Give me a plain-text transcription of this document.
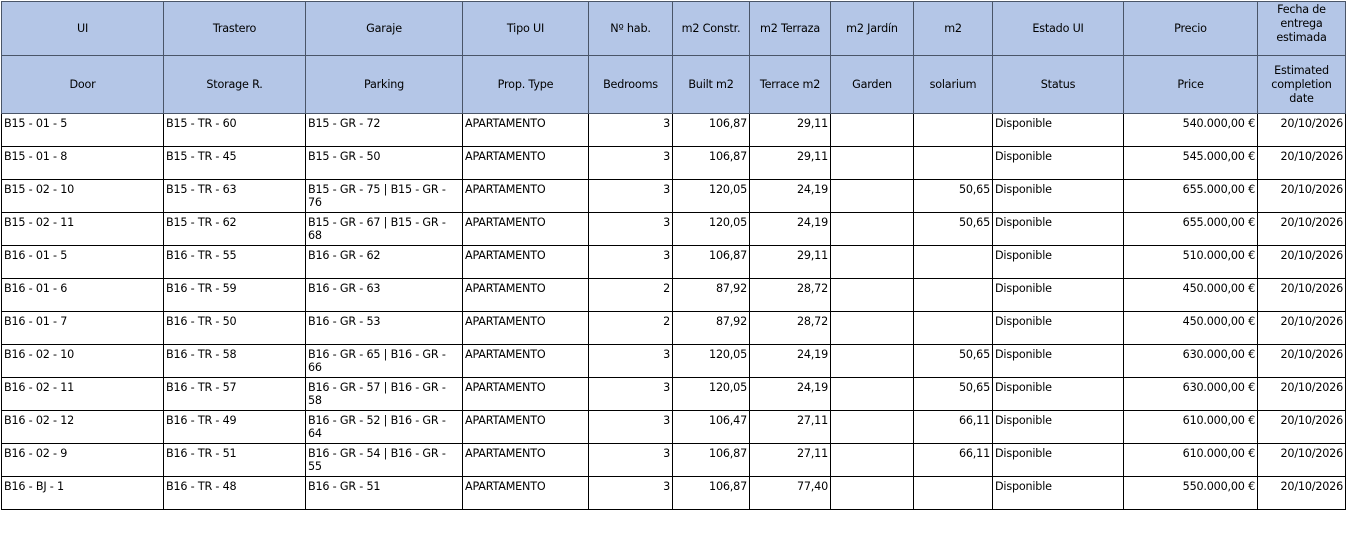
UI	Trastero	Garaje	Tipo UI	Nº hab.	m2 Constr.	m2 Terraza	m2 Jardín	m2	Estado UI	Precio	Fecha de entrega estimada
Door	Storage R.	Parking	Prop. Type	Bedrooms	Built m2	Terrace m2	Garden	solarium	Status	Price	Estimated completion date
B15 - 01 - 5	B15 - TR - 60	B15 - GR - 72	APARTAMENTO	3	106,87	29,11			Disponible	540.000,00 €	20/10/2026
B15 - 01 - 8	B15 - TR - 45	B15 - GR - 50	APARTAMENTO	3	106,87	29,11			Disponible	545.000,00 €	20/10/2026
B15 - 02 - 10	B15 - TR - 63	B15 - GR - 75 | B15 - GR - 76	APARTAMENTO	3	120,05	24,19		50,65	Disponible	655.000,00 €	20/10/2026
B15 - 02 - 11	B15 - TR - 62	B15 - GR - 67 | B15 - GR - 68	APARTAMENTO	3	120,05	24,19		50,65	Disponible	655.000,00 €	20/10/2026
B16 - 01 - 5	B16 - TR - 55	B16 - GR - 62	APARTAMENTO	3	106,87	29,11			Disponible	510.000,00 €	20/10/2026
B16 - 01 - 6	B16 - TR - 59	B16 - GR - 63	APARTAMENTO	2	87,92	28,72			Disponible	450.000,00 €	20/10/2026
B16 - 01 - 7	B16 - TR - 50	B16 - GR - 53	APARTAMENTO	2	87,92	28,72			Disponible	450.000,00 €	20/10/2026
B16 - 02 - 10	B16 - TR - 58	B16 - GR - 65 | B16 - GR - 66	APARTAMENTO	3	120,05	24,19		50,65	Disponible	630.000,00 €	20/10/2026
B16 - 02 - 11	B16 - TR - 57	B16 - GR - 57 | B16 - GR - 58	APARTAMENTO	3	120,05	24,19		50,65	Disponible	630.000,00 €	20/10/2026
B16 - 02 - 12	B16 - TR - 49	B16 - GR - 52 | B16 - GR - 64	APARTAMENTO	3	106,47	27,11		66,11	Disponible	610.000,00 €	20/10/2026
B16 - 02 - 9	B16 - TR - 51	B16 - GR - 54 | B16 - GR - 55	APARTAMENTO	3	106,87	27,11		66,11	Disponible	610.000,00 €	20/10/2026
B16 - BJ - 1	B16 - TR - 48	B16 - GR - 51	APARTAMENTO	3	106,87	77,40			Disponible	550.000,00 €	20/10/2026
